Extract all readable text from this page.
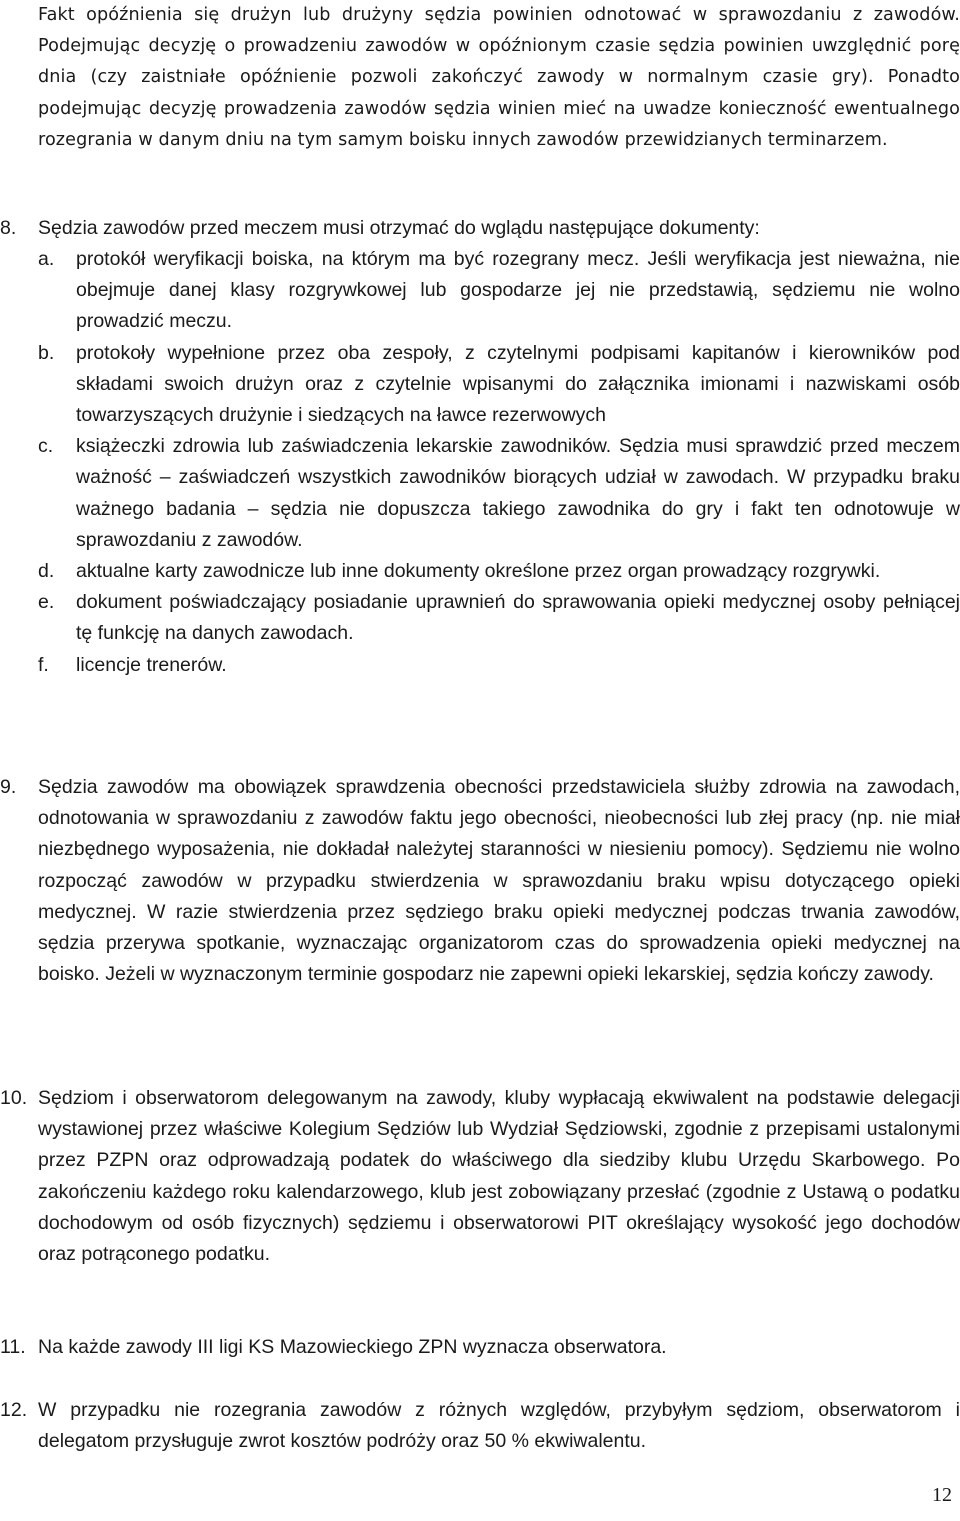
Fakt opóźnienia się drużyn lub drużyny sędzia powinien odnotować w sprawozdaniu z zawodów. Podejmując decyzję o prowadzeniu zawodów w opóźnionym czasie sędzia powinien uwzględnić porę dnia (czy zaistniałe opóźnienie pozwoli zakończyć zawody w normalnym czasie gry). Ponadto podejmując decyzję prowadzenia zawodów sędzia winien mieć na uwadze konieczność ewentualnego rozegrania w danym dniu na tym samym boisku innych zawodów przewidzianych terminarzem.

8. Sędzia zawodów przed meczem musi otrzymać do wglądu następujące dokumenty:

a. protokół weryfikacji boiska, na którym ma być rozegrany mecz. Jeśli weryfikacja jest nieważna, nie obejmuje danej klasy rozgrywkowej lub gospodarze jej nie przedstawią, sędziemu nie wolno prowadzić meczu.

b. protokoły wypełnione przez oba zespoły, z czytelnymi podpisami kapitanów i kierowników pod składami swoich drużyn oraz z czytelnie wpisanymi do załącznika imionami i nazwiskami osób towarzyszących drużynie i siedzących na ławce rezerwowych

c. książeczki zdrowia lub zaświadczenia lekarskie zawodników. Sędzia musi sprawdzić przed meczem ważność – zaświadczeń wszystkich zawodników biorących udział w zawodach. W przypadku braku ważnego badania – sędzia nie dopuszcza takiego zawodnika do gry i fakt ten odnotowuje w sprawozdaniu z zawodów.

d. aktualne karty zawodnicze lub inne dokumenty określone przez organ prowadzący rozgrywki.

e. dokument poświadczający posiadanie uprawnień do sprawowania opieki medycznej osoby pełniącej tę funkcję na danych zawodach.

f. licencje trenerów.

9. Sędzia zawodów ma obowiązek sprawdzenia obecności przedstawiciela służby zdrowia na zawodach, odnotowania w sprawozdaniu z zawodów faktu jego obecności, nieobecności lub złej pracy (np. nie miał niezbędnego wyposażenia, nie dokładał należytej staranności w niesieniu pomocy). Sędziemu nie wolno rozpocząć zawodów w przypadku stwierdzenia w sprawozdaniu braku wpisu dotyczącego opieki medycznej. W razie stwierdzenia przez sędziego braku opieki medycznej podczas trwania zawodów, sędzia przerywa spotkanie, wyznaczając organizatorom czas do sprowadzenia opieki medycznej na boisko. Jeżeli w wyznaczonym terminie gospodarz nie zapewni opieki lekarskiej, sędzia kończy zawody.

10. Sędziom i obserwatorom delegowanym na zawody, kluby wypłacają ekwiwalent na podstawie delegacji wystawionej przez właściwe Kolegium Sędziów lub Wydział Sędziowski, zgodnie z przepisami ustalonymi przez PZPN oraz odprowadzają podatek do właściwego dla siedziby klubu Urzędu Skarbowego. Po zakończeniu każdego roku kalendarzowego, klub jest zobowiązany przesłać (zgodnie z Ustawą o podatku dochodowym od osób fizycznych) sędziemu i obserwatorowi PIT określający wysokość jego dochodów oraz potrąconego podatku.

11. Na każde zawody III ligi KS Mazowieckiego ZPN wyznacza obserwatora.

12. W przypadku nie rozegrania zawodów z różnych względów, przybyłym sędziom, obserwatorom i delegatom przysługuje zwrot kosztów podróży oraz 50 % ekwiwalentu.

12
